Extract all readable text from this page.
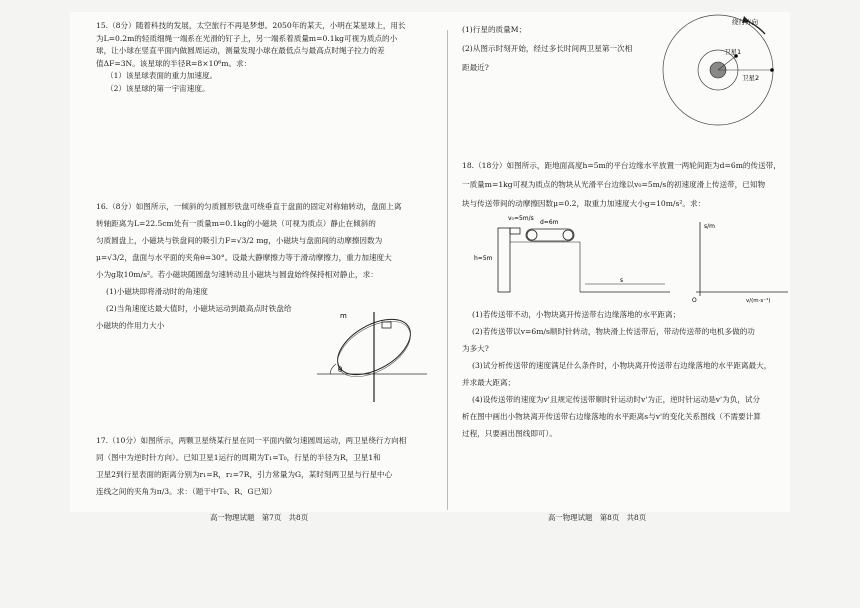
15.（8分）随着科技的发展，太空旅行不再是梦想。2050年的某天，小明在某星球上，用长

为L=0.2m的轻质细绳一端系在光滑的钉子上，另一端系着质量m=0.1kg可视为质点的小

球，让小球在竖直平面内做圆周运动，测量发现小球在最低点与最高点时绳子拉力的差

值ΔF=3N。该星球的半径R=8×10⁶m。求：

（1）该星球表面的重力加速度。

（2）该星球的第一宇宙速度。

16.（8分）如图所示，一倾斜的匀质圆形铁盘可绕垂直于盘面的固定对称轴转动，盘面上离

转轴距离为L=22.5cm处有一质量m=0.1kg的小磁块（可视为质点）静止在倾斜的

匀质圆盘上，小磁块与铁盘间的吸引力F=√3/2 mg，小磁块与盘面间的动摩擦因数为

μ=√3/2，盘面与水平面的夹角θ=30°。设最大静摩擦力等于滑动摩擦力，重力加速度大

小为g取10m/s²。若小磁块随圆盘匀速转动且小磁块与圆盘始终保持相对静止，求：

(1)小磁块即将滑动时的角速度

(2)当角速度达最大值时，小磁块运动到最高点时铁盘给

小磁块的作用力大小

m
θ

17.（10分）如图所示，两颗卫星绕某行星在同一平面内做匀速圆周运动，两卫星绕行方向相

同（图中为逆时针方向）。已知卫星1运行的周期为T₁=T₀，行星的半径为R，卫星1和

卫星2到行星表面的距离分别为r₁=R，r₂=7R，引力常量为G，某时刻两卫星与行星中心

连线之间的夹角为π/3。求：（题干中T₀、R、G已知）

高一物理试题　第7页　共8页

(1)行星的质量M；

(2)从图示时刻开始，经过多长时间两卫星第一次相

距最近?

绕行方向
卫星1
卫星2

18.（18分）如图所示，距地面高度h=5m的平台边缘水平放置一两轮间距为d=6m的传送带，

一质量m=1kg可视为质点的物块从光滑平台边缘以v₀=5m/s的初速度滑上传送带，已知物

块与传送带间的动摩擦因数μ=0.2，取重力加速度大小g=10m/s²。求：

v₀=5m/s
d=6m
h=5m
s
s/m
O	v/(m·s⁻¹)

(1)若传送带不动，小物块离开传送带右边缘落地的水平距离；

(2)若传送带以v=6m/s顺时针转动，物块滑上传送带后，带动传送带的电机多做的功

为多大?

(3)试分析传送带的速度满足什么条件时，小物块离开传送带右边缘落地的水平距离最大，

并求最大距离；

(4)设传送带的速度为v'且规定传送带顺时针运动时v'为正，逆时针运动是v'为负，试分

析在图中画出小物块离开传送带右边缘落地的水平距离s与v'的变化关系图线（不需要计算

过程，只要画出图线即可）。

高一物理试题　第8页　共8页
